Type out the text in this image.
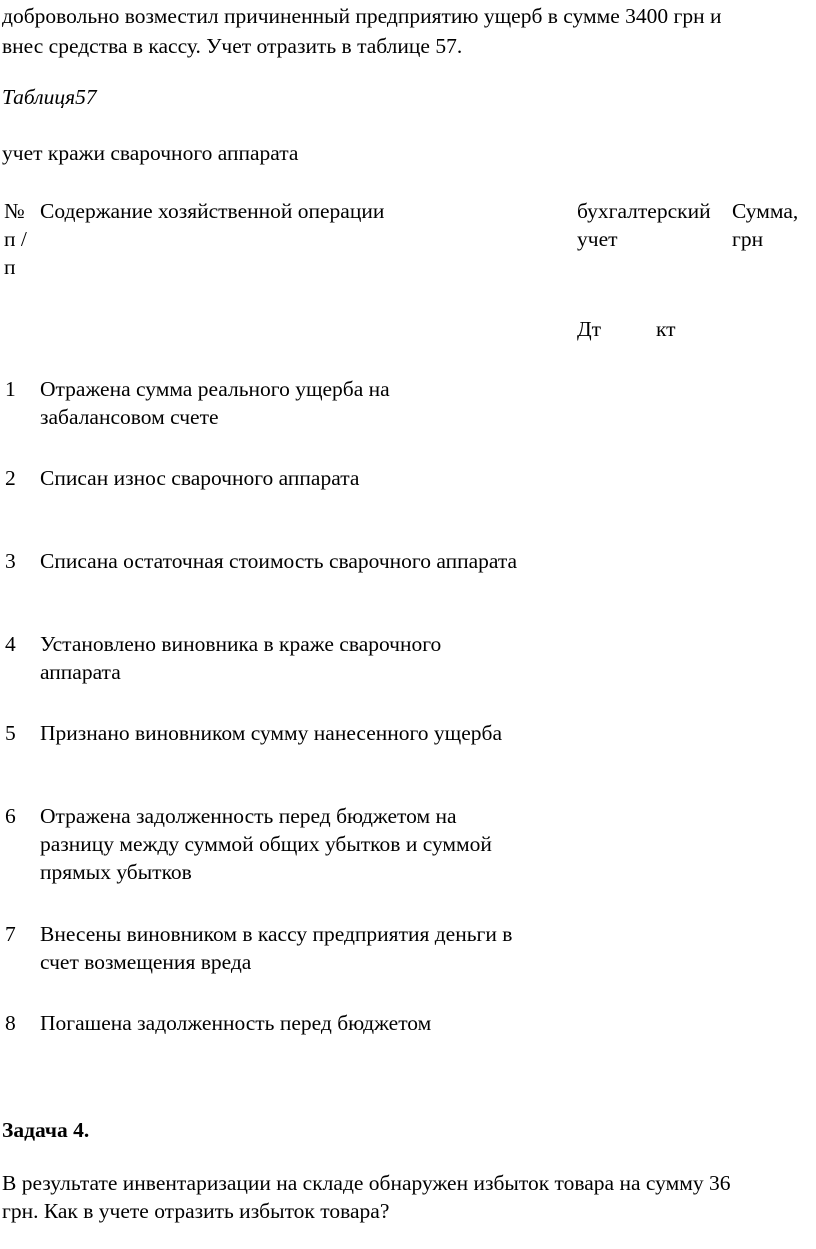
добровольно возместил причиненный предприятию ущерб в сумме 3400 грн и
внес средства в кассу. Учет отразить в таблице 57.
Таблиця57
учет кражи сварочного аппарата
№
п /
п
Содержание хозяйственной операции	бухгалтерский
учет
Сумма,
грн
Дт	кт
1 Отражена сумма реального ущерба на
забалансовом счете
2 Списан износ сварочного аппарата
3 Списана остаточная стоимость сварочного аппарата
4 Установлено виновника в краже сварочного
аппарата
5 Признано виновником сумму нанесенного ущерба
6 Отражена задолженность перед бюджетом на
разницу между суммой общих убытков и суммой
прямых убытков
7 Внесены виновником в кассу предприятия деньги в
счет возмещения вреда
8 Погашена задолженность перед бюджетом
Задача 4.
В результате инвентаризации на складе обнаружен избыток товара на сумму 36
грн. Как в учете отразить избыток товара?
